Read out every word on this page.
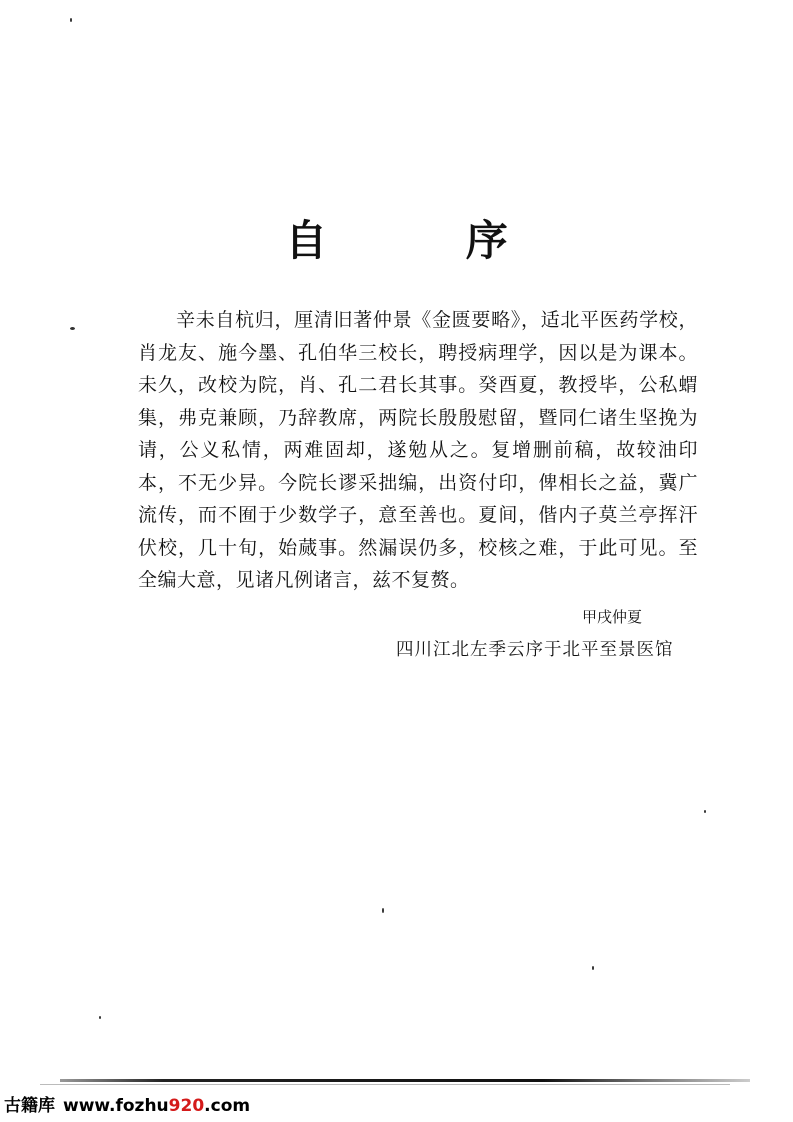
自 序

辛未自杭归，厘清旧著仲景《金匮要略》，适北平医药学校，肖龙友、施今墨、孔伯华三校长，聘授病理学，因以是为课本。未久，改校为院，肖、孔二君长其事。癸酉夏，教授毕，公私蝟集，弗克兼顾，乃辞教席，两院长殷殷慰留，暨同仁诸生坚挽为请，公义私情，两难固却，遂勉从之。复增删前稿，故较油印本，不无少异。今院长谬采拙编，出资付印，俾相长之益，冀广流传，而不囿于少数学子，意至善也。夏间，偕内子莫兰亭挥汗伏校，几十旬，始蒇事。然漏误仍多，校核之难，于此可见。至全编大意，见诸凡例诸言，兹不复赘。

甲戌仲夏
四川江北左季云序于北平至景医馆
古籍库 www.fozhu920.com
